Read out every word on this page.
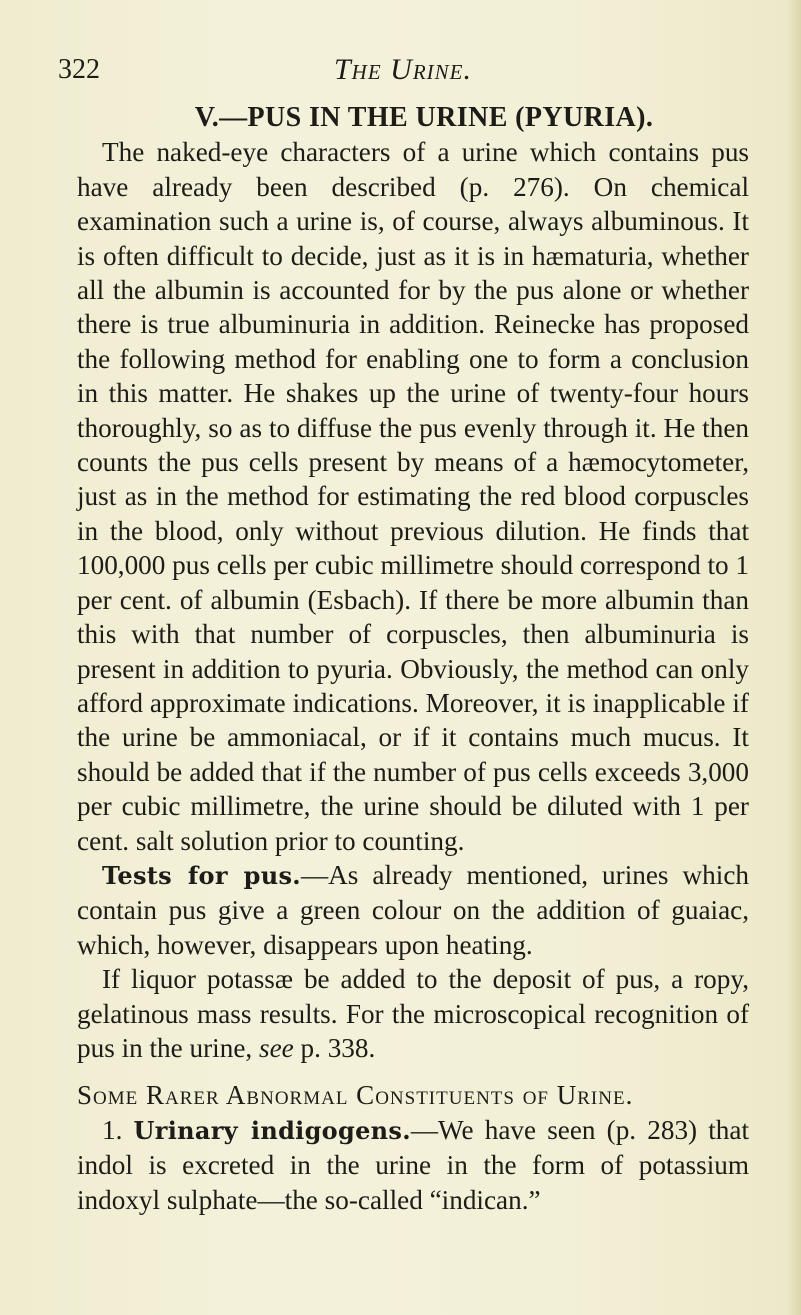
322	The Urine.
V.—PUS IN THE URINE (PYURIA).

The naked-eye characters of a urine which contains pus have already been described (p. 276). On chemical examination such a urine is, of course, always albuminous. It is often difficult to decide, just as it is in hæmaturia, whether all the albumin is accounted for by the pus alone or whether there is true albuminuria in addition. Reinecke has proposed the following method for enabling one to form a conclusion in this matter. He shakes up the urine of twenty-four hours thoroughly, so as to diffuse the pus evenly through it. He then counts the pus cells present by means of a hæmocytometer, just as in the method for estimating the red blood corpuscles in the blood, only without previous dilution. He finds that 100,000 pus cells per cubic millimetre should correspond to 1 per cent. of albumin (Esbach). If there be more albumin than this with that number of corpuscles, then albuminuria is present in addition to pyuria. Obviously, the method can only afford approximate indications. Moreover, it is inapplicable if the urine be ammoniacal, or if it contains much mucus. It should be added that if the number of pus cells exceeds 3,000 per cubic millimetre, the urine should be diluted with 1 per cent. salt solution prior to counting.

Tests for pus.—As already mentioned, urines which contain pus give a green colour on the addition of guaiac, which, however, disappears upon heating.

If liquor potassæ be added to the deposit of pus, a ropy, gelatinous mass results. For the microscopical recognition of pus in the urine, see p. 338.

Some Rarer Abnormal Constituents of Urine.

1. Urinary indigogens.—We have seen (p. 283) that indol is excreted in the urine in the form of potassium indoxyl sulphate—the so-called “indican.”
